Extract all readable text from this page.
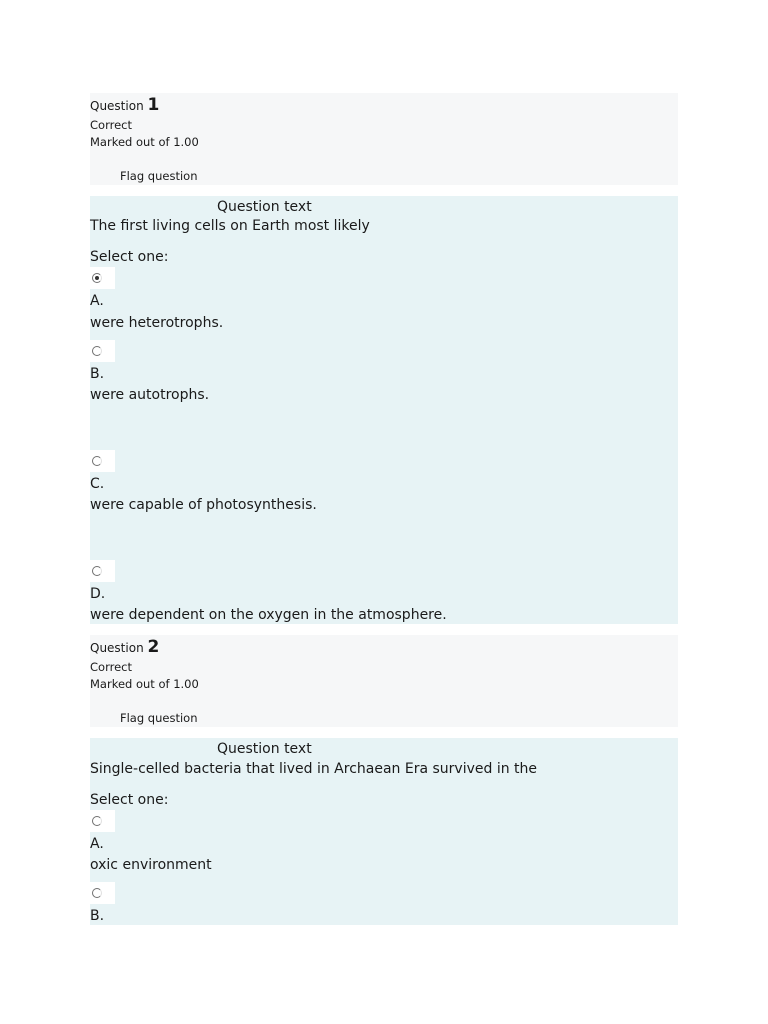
Question 1
Correct
Marked out of 1.00
Flag question
Question text
The first living cells on Earth most likely
Select one:
A.
were heterotrophs.
B.
were autotrophs.
C.
were capable of photosynthesis.
D.
were dependent on the oxygen in the atmosphere.
Question 2
Correct
Marked out of 1.00
Flag question
Question text
Single-celled bacteria that lived in Archaean Era survived in the
Select one:
A.
oxic environment
B.
